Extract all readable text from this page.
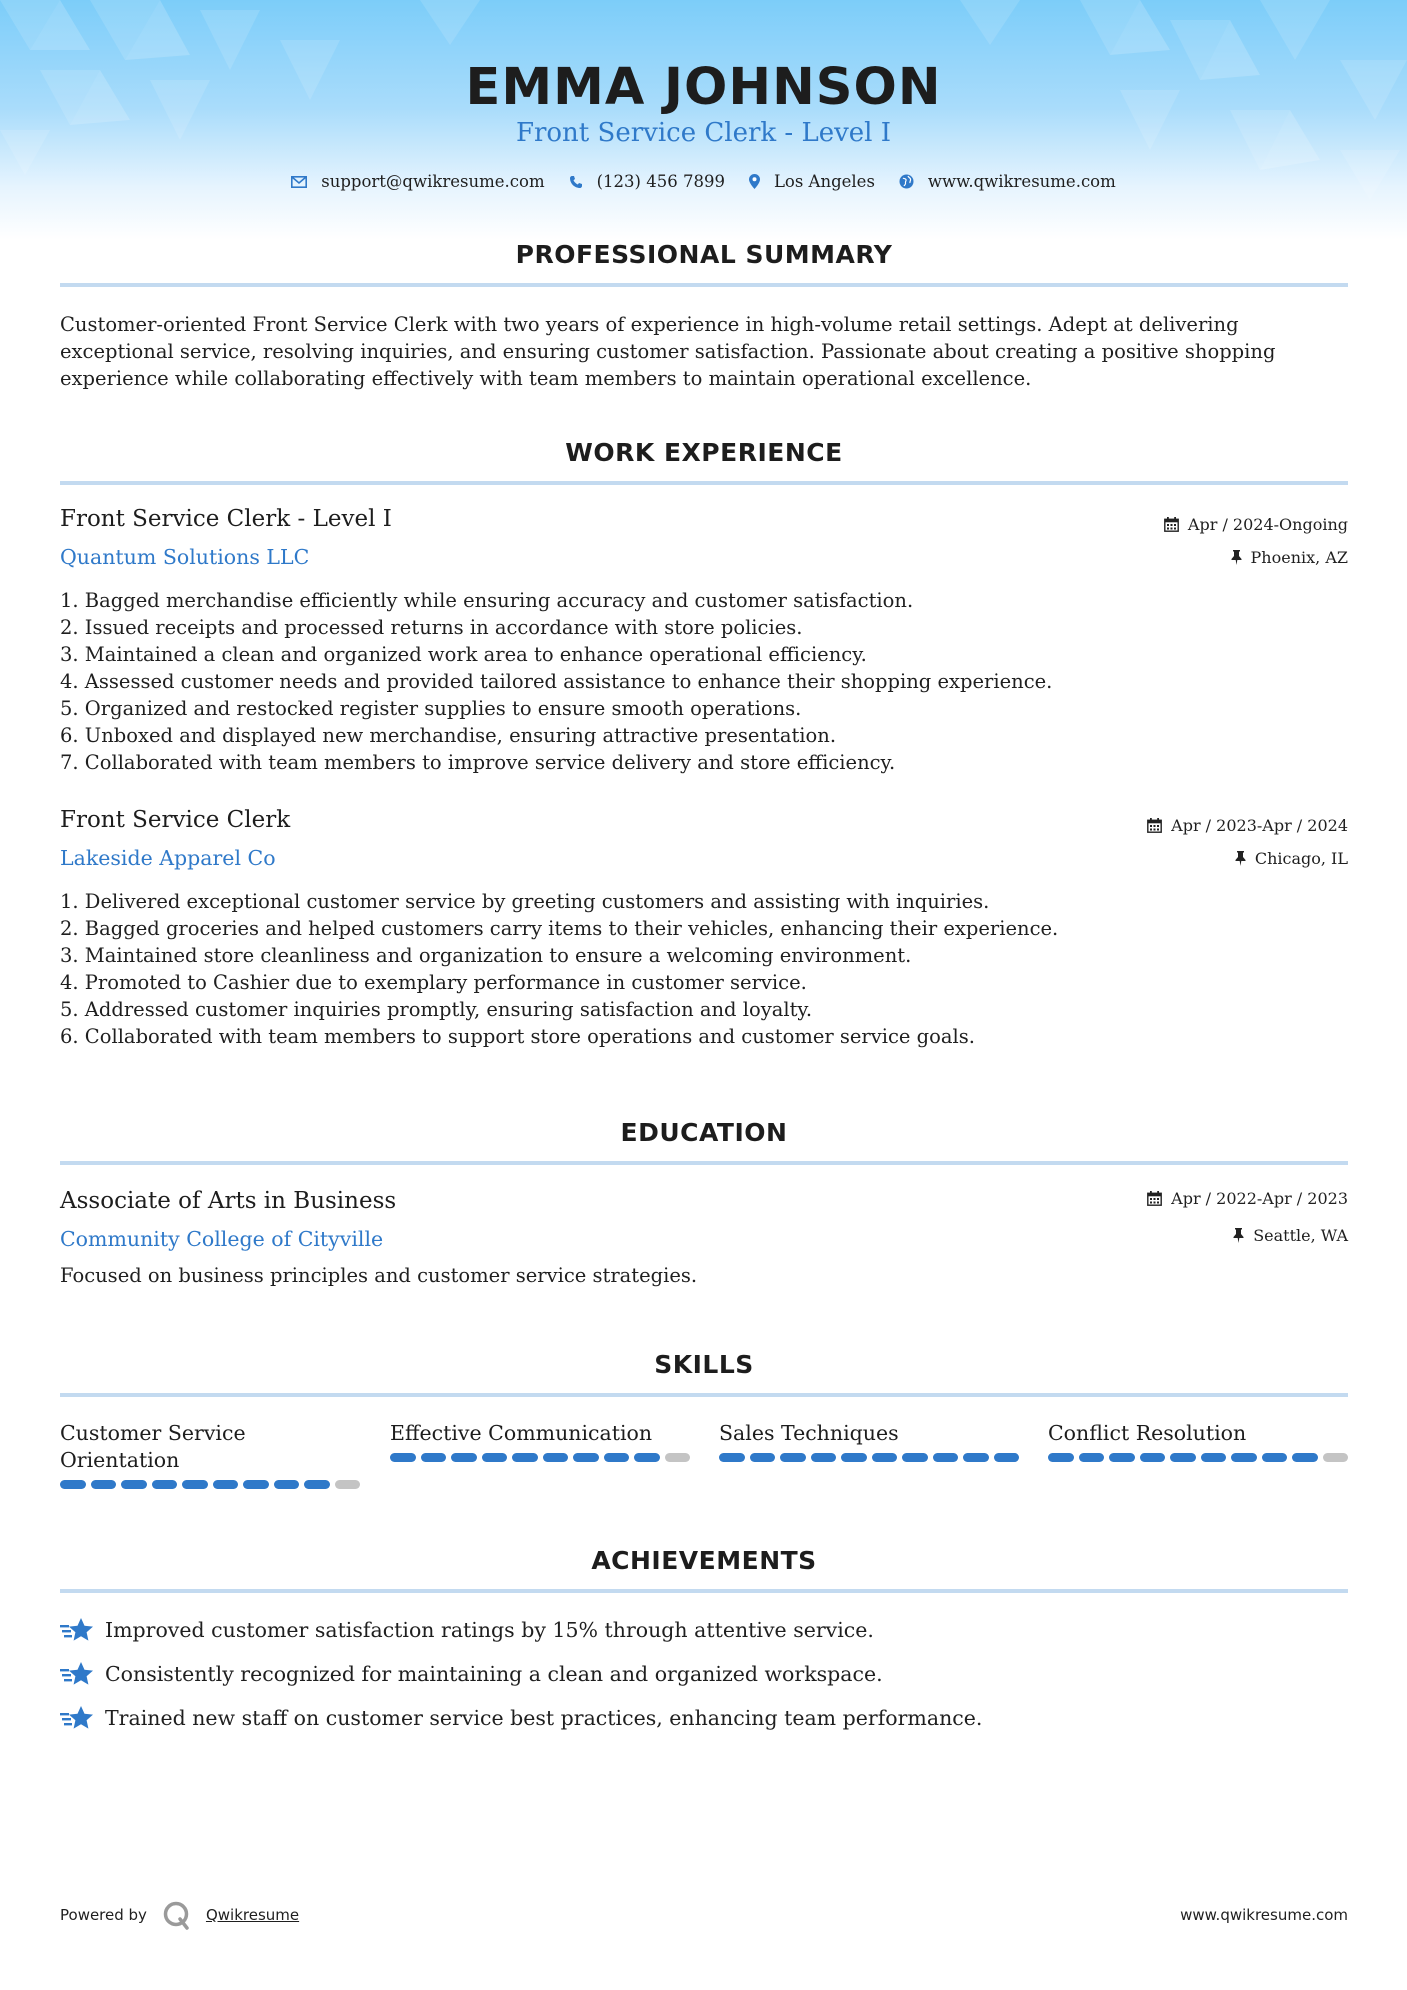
EMMA JOHNSON
Front Service Clerk - Level I
support@qwikresume.com	(123) 456 7899	Los Angeles	www.qwikresume.com
PROFESSIONAL SUMMARY
Customer-oriented Front Service Clerk with two years of experience in high-volume retail settings. Adept at delivering
exceptional service, resolving inquiries, and ensuring customer satisfaction. Passionate about creating a positive shopping
experience while collaborating effectively with team members to maintain operational excellence.
WORK EXPERIENCE
Front Service Clerk - Level I
Quantum Solutions LLC
Apr / 2024-Ongoing
Phoenix, AZ
1. Bagged merchandise efficiently while ensuring accuracy and customer satisfaction.
2. Issued receipts and processed returns in accordance with store policies.
3. Maintained a clean and organized work area to enhance operational efficiency.
4. Assessed customer needs and provided tailored assistance to enhance their shopping experience.
5. Organized and restocked register supplies to ensure smooth operations.
6. Unboxed and displayed new merchandise, ensuring attractive presentation.
7. Collaborated with team members to improve service delivery and store efficiency.
Front Service Clerk
Lakeside Apparel Co
Apr / 2023-Apr / 2024
Chicago, IL
1. Delivered exceptional customer service by greeting customers and assisting with inquiries.
2. Bagged groceries and helped customers carry items to their vehicles, enhancing their experience.
3. Maintained store cleanliness and organization to ensure a welcoming environment.
4. Promoted to Cashier due to exemplary performance in customer service.
5. Addressed customer inquiries promptly, ensuring satisfaction and loyalty.
6. Collaborated with team members to support store operations and customer service goals.
EDUCATION
Associate of Arts in Business
Community College of Cityville
Apr / 2022-Apr / 2023
Seattle, WA
Focused on business principles and customer service strategies.
SKILLS
Customer Service
Orientation
Effective Communication	Sales Techniques	Conflict Resolution
ACHIEVEMENTS
Improved customer satisfaction ratings by 15% through attentive service.
Consistently recognized for maintaining a clean and organized workspace.
Trained new staff on customer service best practices, enhancing team performance.
Powered by	Qwikresume	www.qwikresume.com
